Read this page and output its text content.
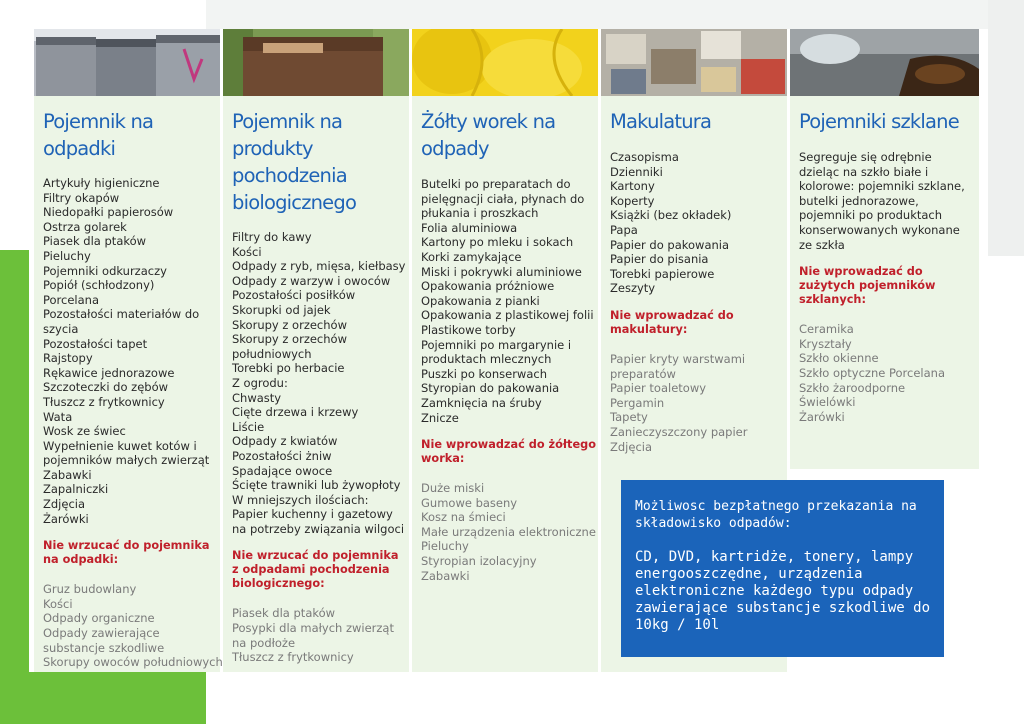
Pojemnik na
odpadki
Artykuły higieniczne
Filtry okapów
Niedopałki papierosów
Ostrza golarek
Piasek dla ptaków
Pieluchy
Pojemniki odkurzaczy
Popiół (schłodzony)
Porcelana
Pozostałości materiałów do
szycia
Pozostałości tapet
Rajstopy
Rękawice jednorazowe
Szczoteczki do zębów
Tłuszcz z frytkownicy
Wata
Wosk ze świec
Wypełnienie kuwet kotów i
pojemników małych zwierząt
Zabawki
Zapalniczki
Zdjęcia
Żarówki
Nie wrzucać do pojemnika
na odpadki:
Gruz budowlany
Kości
Odpady organiczne
Odpady zawierające
substancje szkodliwe
Skorupy owoców południowych
Pojemnik na
produkty
pochodzenia
biologicznego
Filtry do kawy
Kości
Odpady z ryb, mięsa, kiełbasy
Odpady z warzyw i owoców
Pozostałości posiłków
Skorupki od jajek
Skorupy z orzechów
Skorupy z orzechów
południowych
Torebki po herbacie
Z ogrodu:
Chwasty
Cięte drzewa i krzewy
Liście
Odpady z kwiatów
Pozostałości żniw
Spadające owoce
Ścięte trawniki lub żywopłoty
W mniejszych ilościach:
Papier kuchenny i gazetowy
na potrzeby związania wilgoci
Nie wrzucać do pojemnika
z odpadami pochodzenia
biologicznego:
Piasek dla ptaków
Posypki dla małych zwierząt
na podłoże
Tłuszcz z frytkownicy
Żółty worek na
odpady
Butelki po preparatach do
pielęgnacji ciała, płynach do
płukania i proszkach
Folia aluminiowa
Kartony po mleku i sokach
Korki zamykające
Miski i pokrywki aluminiowe
Opakowania próżniowe
Opakowania z pianki
Opakowania z plastikowej folii
Plastikowe torby
Pojemniki po margarynie i
produktach mlecznych
Puszki po konserwach
Styropian do pakowania
Zamknięcia na śruby
Znicze
Nie wprowadzać do żółtego
worka:
Duże miski
Gumowe baseny
Kosz na śmieci
Małe urządzenia elektroniczne
Pieluchy
Styropian izolacyjny
Zabawki
Makulatura
Czasopisma
Dzienniki
Kartony
Koperty
Książki (bez okładek)
Papa
Papier do pakowania
Papier do pisania
Torebki papierowe
Zeszyty
Nie wprowadzać do
makulatury:
Papier kryty warstwami
preparatów
Papier toaletowy
Pergamin
Tapety
Zanieczyszczony papier
Zdjęcia
Pojemniki szklane
Segreguje się odrębnie
dzieląc na szkło białe i
kolorowe: pojemniki szklane,
butelki jednorazowe,
pojemniki po produktach
konserwowanych wykonane
ze szkła
Nie wprowadzać do
zużytych pojemników
szklanych:
Ceramika
Kryształy
Szkło okienne
Szkło optyczne Porcelana
Szkło żaroodporne
Świelówki
Żarówki
Możliwosc bezpłatnego przekazania na
składowisko odpadów:
CD, DVD, kartridże, tonery, lampy
energooszczędne, urządzenia
elektroniczne każdego typu odpady
zawierające substancje szkodliwe do
10kg / 10l
